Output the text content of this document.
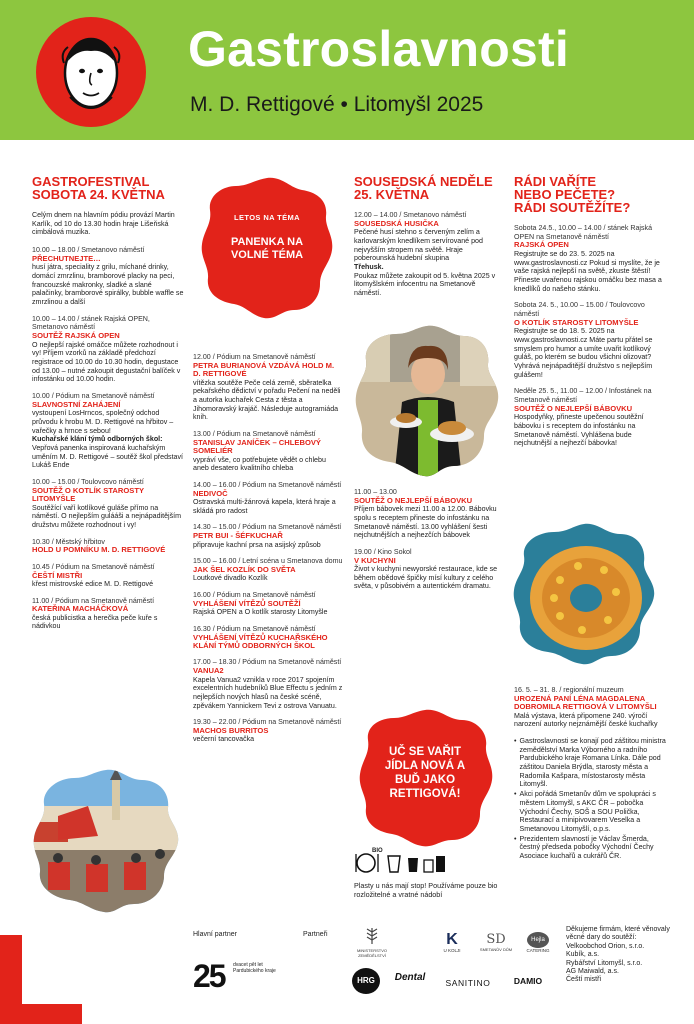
Gastroslavnosti
M. D. Rettigové • Litomyšl 2025
GASTROFESTIVAL
SOBOTA 24. KVĚTNA
Celým dnem na hlavním pódiu provází Martin Karlík, od 10 do 13.30 hodin hraje Lišeňská cimbálová muzika.
10.00 – 18.00 / Smetanovo náměstí
PŘECHUTNEJTE…
husí játra, speciality z grilu, míchané drinky, domácí zmrzlinu, bramborové placky na peci, francouzské makronky, sladké a slané palačinky, bramborové spirálky, bubble waffle se zmrzlinou a další
10.00 – 14.00 / stánek Rajská OPEN, Smetanovo náměstí
SOUTĚŽ RAJSKÁ OPEN
O nejlepší rajské omáčce můžete rozhodnout i vy! Příjem vzorků na základě předchozí registrace od 10.00 do 10.30 hodin, degustace od 13.00 – nutné zakoupit degustační balíček v infostánku od 10.00 hodin.
10.00 / Pódium na Smetanově náměstí
SLAVNOSTNÍ ZAHÁJENÍ
vystoupení LosHrncos, společný odchod průvodu k hrobu M. D. Rettigové na hřbitov – vařečky a hrnce s sebou!
Kuchařské klání týmů odborných škol:
Vepřová panenka inspirovaná kuchařským uměním M. D. Rettigové – soutěž škol představí Lukáš Ende
10.00 – 15.00 / Toulovcovo náměstí
SOUTĚŽ O KOTLÍK STAROSTY LITOMYŠLE
Soutěžící vaří kotlíkové guláše přímo na náměstí. O nejlepším gulááši a nejnápaditějším družstvu můžete rozhodnout i vy!
10.30 / Městský hřbitov
HOLD U POMNÍKU M. D. RETTIGOVÉ
10.45 / Pódium na Smetanově náměstí
ČEŠTÍ MISTŘI
křest mistrovské edice M. D. Rettigové
11.00 / Pódium na Smetanově náměstí
KATEŘINA MACHÁČKOVÁ
česká publicistka a herečka peče kuře s nádivkou
LETOS NA TÉMA
PANENKA NA VOLNÉ TÉMA
12.00 / Pódium na Smetanově náměstí
PETRA BURIANOVÁ VZDÁVÁ HOLD M. D. RETTIGOVÉ
vítězka soutěže Peče celá země, sběratelka pekařského dědictví v pořadu Pečení na neděli a autorka kuchařek Cesta z těsta a Jihomoravský krajáč. Následuje autogramiáda knih.
13.00 / Pódium na Smetanově náměstí
STANISLAV JANÍČEK – CHLEBOVÝ SOMELIÉR
vypráví vše, co potřebujete vědět o chlebu aneb desatero kvalitního chleba
14.00 – 16.00 / Pódium na Smetanově náměstí
NEDIVOČ
Ostravská multi-žánrová kapela, která hraje a skládá pro radost
14.30 – 15.00 / Pódium na Smetanově náměstí
PETR BUI - ŠÉFKUCHAŘ
připravuje kachní prsa na asijský způsob
15.00 – 16.00 / Letní scéna u Smetanova domu
JAK ŠEL KOZLÍK DO SVĚTA
Loutkové divadlo Kozlík
16.00 / Pódium na Smetanově náměstí
VYHLÁŠENÍ VÍTĚZŮ SOUTĚŽÍ
Rajská OPEN a O kotlík starosty Litomyšle
16.30 / Pódium na Smetanově náměstí
VYHLÁŠENÍ VÍTĚZŮ KUCHAŘSKÉHO KLÁNÍ TÝMŮ ODBORNÝCH ŠKOL
17.00 – 18.30 / Pódium na Smetanově náměstí
VANUA2
Kapela Vanua2 vznikla v roce 2017 spojením excelentních hudebníků Blue Effectu s jedním z nejlepších nových hlasů na české scéně, zpěvákem Yannickem Tevi z ostrova Vanuatu.
19.30 – 22.00 / Pódium na Smetanově náměstí
MACHOS BURRITOS
večerní tancovačka
SOUSEDSKÁ NEDĚLE
25. KVĚTNA
12.00 – 14.00 / Smetanovo náměstí
SOUSEDSKÁ HUSIČKA
Pečené husí stehno s červeným zelím a karlovarským knedlíkem servírované pod nejvyšším stropem na světě. Hraje poberounská hudební skupina
Třehusk.
Poukaz můžete zakoupit od 5. května 2025 v litomyšlském infocentru na Smetanově náměstí.
11.00 – 13.00
SOUTĚŽ O NEJLEPŠÍ BÁBOVKU
Příjem bábovek mezi 11.00 a 12.00. Bábovku spolu s receptem přineste do infostánku na Smetanově náměstí. 13.00 vyhlášení šesti nejchutnějších a nejhezčích bábovek
19.00 / Kino Sokol
V KUCHYNI
Život v kuchyni newyorské restaurace, kde se během obědové špičky mísí kultury z celého světa, v působivém a autentickém dramatu.
RÁDI VAŘÍTE
NEBO PEČETE?
RÁDI SOUTĚŽÍTE?
Sobota 24.5., 10.00 – 14.00 / stánek Rajská OPEN na Smetanově náměstí
RAJSKÁ OPEN
Registrujte se do 23. 5. 2025 na www.gastroslavnosti.cz Pokud si myslíte, že je vaše rajská nejlepší na světě, zkuste štěstí! Přineste uvařenou rajskou omáčku bez masa a knedlíků do našeho stánku.
Sobota 24. 5., 10.00 – 15.00 / Toulovcovo náměstí
O KOTLÍK STAROSTY LITOMYŠLE
Registrujte se do 18. 5. 2025 na www.gastroslavnosti.cz Máte partu přátel se smyslem pro humor a umíte uvařit kotlíkový guláš, po kterém se budou všichni olizovat? Vyhrává nejnápaditější družstvo s nejlepším gulášem!
Neděle 25. 5., 11.00 – 12.00 / Infostánek na Smetanově náměstí
SOUTĚŽ O NEJLEPŠÍ BÁBOVKU
Hospodyňky, přineste upečenou soutěžní bábovku i s receptem do infostánku na Smetanově náměstí. Vyhlášena bude nejchutnější a nejhezčí bábovka!
16. 5. – 31. 8. / regionální muzeum
UROZENÁ PANÍ LÉNA MAGDALENA DOBROMILA RETTIGOVÁ V LITOMYŠLI
Malá výstava, která připomene 240. výročí narození autorky nejznámější české kuchařky
• Gastroslavnosti se konají pod záštitou ministra zemědělství Marka Výborného a radního Pardubického kraje Romana Línka. Dále pod záštitou Daniela Brýdla, starosty města a Radomila Kašpara, místostarosty města Litomyšl.
• Akci pořádá Smetanův dům ve spolupráci s městem Litomyšl, s AKC ČR – pobočka Východní Čechy, SOŠ a SOU Polička, Restaurací a minipivovarem Veselka a Smetanovou Litomyšlí, o.p.s.
• Prezidentem slavností je Václav Šmerda, čestný předseda pobočky Východní Čechy Asociace kuchařů a cukrářů ČR.
UČ SE VAŘIT JÍDLA NOVÁ A BUĎ JAKO RETTIGOVÁ!
BIO
Plasty u nás mají stop! Používáme pouze bio rozložitelné a vratné nádobí
Hlavní partner	Partneři
25 dvacet pět let Pardubického kraje
MINISTERSTVO ZEMĚDĚLSTVÍ
K
U KOLJI
SD
SMETANŮV DŮM
Hejla
CATERING
HRG	Dental	SANITINO	DAMIO
Děkujeme firmám, které věnovaly věcné dary do soutěží:
Velkoobchod Orion, s.r.o.
Kubík, a.s.
Rybářství Litomyšl, s.r.o.
AG Maiwald, a.s.
Čeští mistři
